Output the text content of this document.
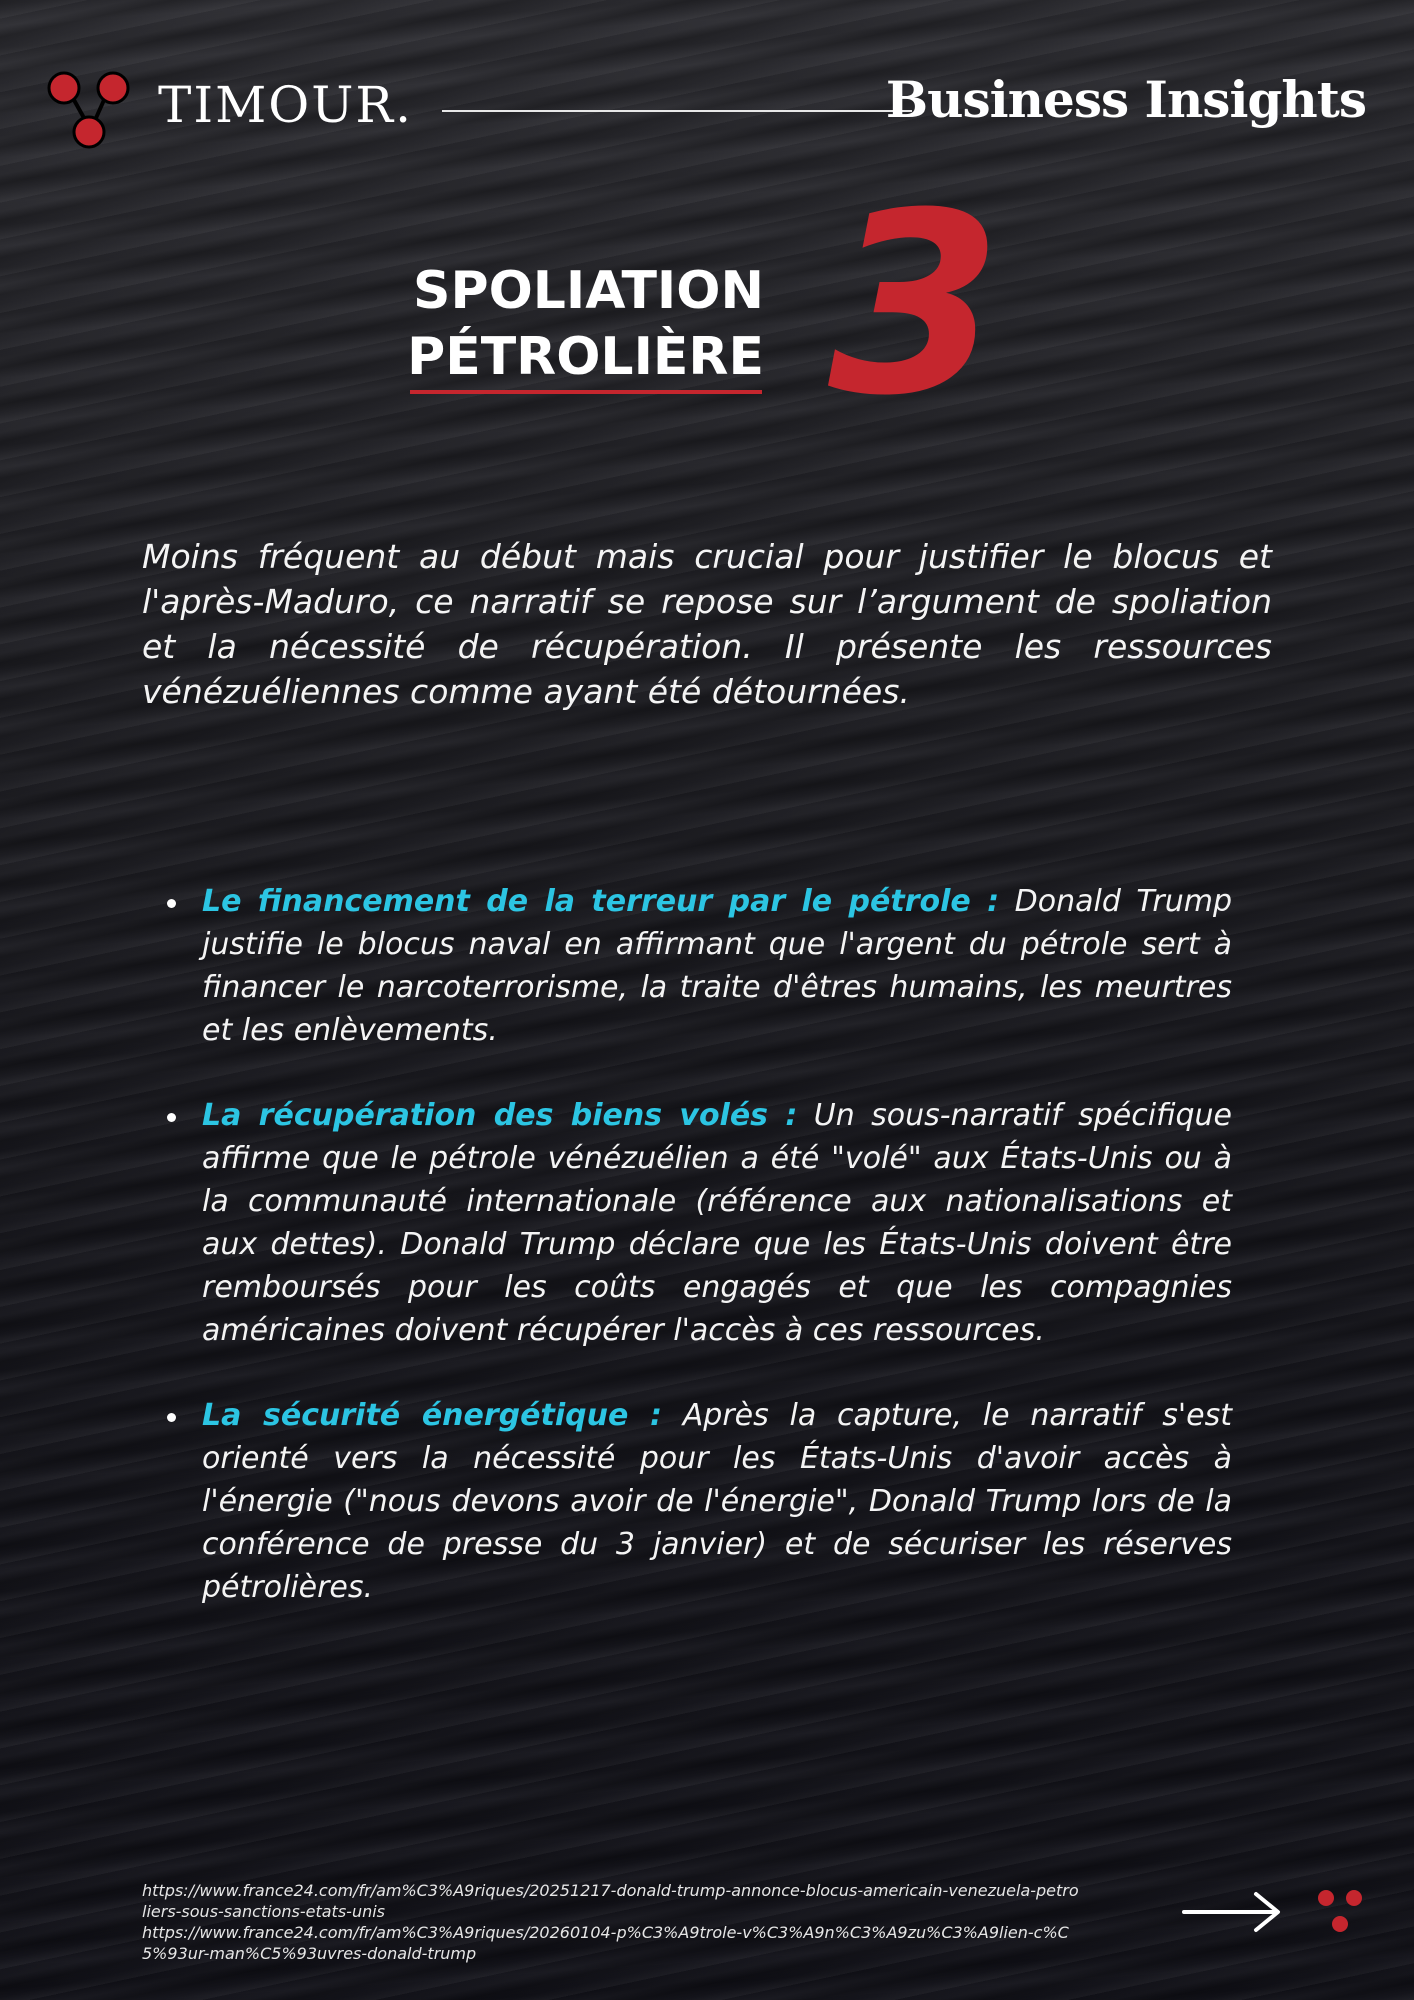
TIMOUR.	Business Insights
SPOLIATION
PÉTROLIÈRE 3

Moins fréquent au début mais crucial pour justifier le blocus et l'après-Maduro, ce narratif se repose sur l’argument de spoliation et la nécessité de récupération. Il présente les ressources vénézuéliennes comme ayant été détournées.

Le financement de la terreur par le pétrole : Donald Trump justifie le blocus naval en affirmant que l'argent du pétrole sert à financer le narcoterrorisme, la traite d'êtres humains, les meurtres et les enlèvements.
La récupération des biens volés : Un sous-narratif spécifique affirme que le pétrole vénézuélien a été "volé" aux États-Unis ou à la communauté internationale (référence aux nationalisations et aux dettes). Donald Trump déclare que les États-Unis doivent être remboursés pour les coûts engagés et que les compagnies américaines doivent récupérer l'accès à ces ressources.
La sécurité énergétique : Après la capture, le narratif s'est orienté vers la nécessité pour les États-Unis d'avoir accès à l'énergie ("nous devons avoir de l'énergie", Donald Trump lors de la conférence de presse du 3 janvier) et de sécuriser les réserves pétrolières.
https://www.france24.com/fr/am%C3%A9riques/20251217-donald-trump-annonce-blocus-americain-venezuela-petroliers-sous-sanctions-etats-unis
https://www.france24.com/fr/am%C3%A9riques/20260104-p%C3%A9trole-v%C3%A9n%C3%A9zu%C3%A9lien-c%C5%93ur-man%C5%93uvres-donald-trump
